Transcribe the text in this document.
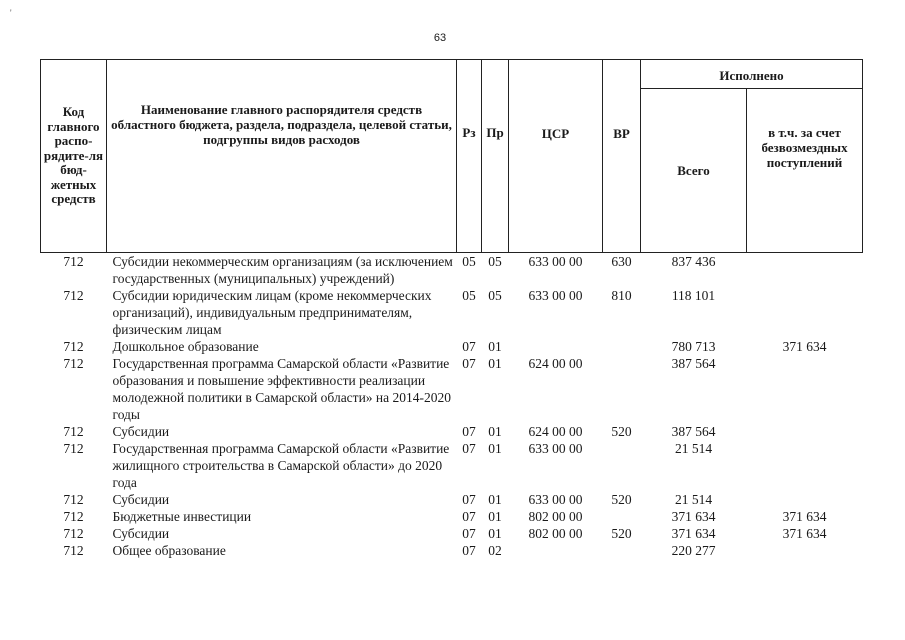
'
63
Код главного распо-рядите-ля бюд-жетных средств	Наименование главного распорядителя средств областного бюджета, раздела, подраздела, целевой статьи, подгруппы видов расходов	Рз	Пр	ЦСР	ВР	Исполнено	
						Всего	в т.ч. за счет безвозмездных поступлений
712	Субсидии некоммерческим организациям (за исключением государственных (муниципальных) учреждений)	05	05	633 00 00	630	837 436	
712	Субсидии юридическим лицам (кроме некоммерческих организаций), индивидуальным предпринимателям, физическим лицам	05	05	633 00 00	810	118 101	
712	Дошкольное образование	07	01			780 713	371 634
712	Государственная программа Самарской области «Развитие образования и повышение эффективности реализации молодежной политики в Самарской области» на 2014-2020 годы	07	01	624 00 00		387 564	
712	Субсидии	07	01	624 00 00	520	387 564	
712	Государственная программа Самарской области «Развитие жилищного строительства в Самарской области» до 2020 года	07	01	633 00 00		21 514	
712	Субсидии	07	01	633 00 00	520	21 514	
712	Бюджетные инвестиции	07	01	802 00 00		371 634	371 634
712	Субсидии	07	01	802 00 00	520	371 634	371 634
712	Общее образование	07	02			220 277	
